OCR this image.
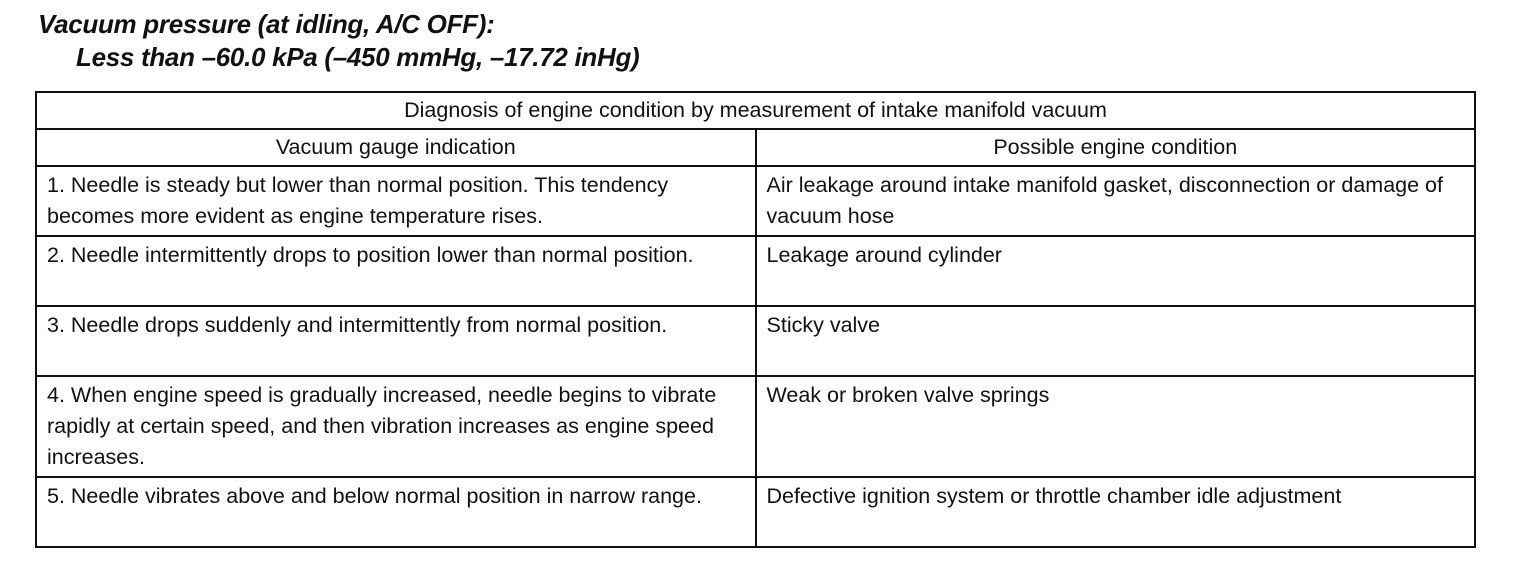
Vacuum pressure (at idling, A/C OFF):
Less than –60.0 kPa (–450 mmHg, –17.72 inHg)
Diagnosis of engine condition by measurement of intake manifold vacuum	
Vacuum gauge indication	Possible engine condition
1. Needle is steady but lower than normal position. This tendency becomes more evident as engine temperature rises.	Air leakage around intake manifold gasket, disconnection or damage of vacuum hose
2. Needle intermittently drops to position lower than normal position.	Leakage around cylinder
3. Needle drops suddenly and intermittently from normal position.	Sticky valve
4. When engine speed is gradually increased, needle begins to vibrate rapidly at certain speed, and then vibration increases as engine speed increases.	Weak or broken valve springs
5. Needle vibrates above and below normal position in narrow range.	Defective ignition system or throttle chamber idle adjustment
